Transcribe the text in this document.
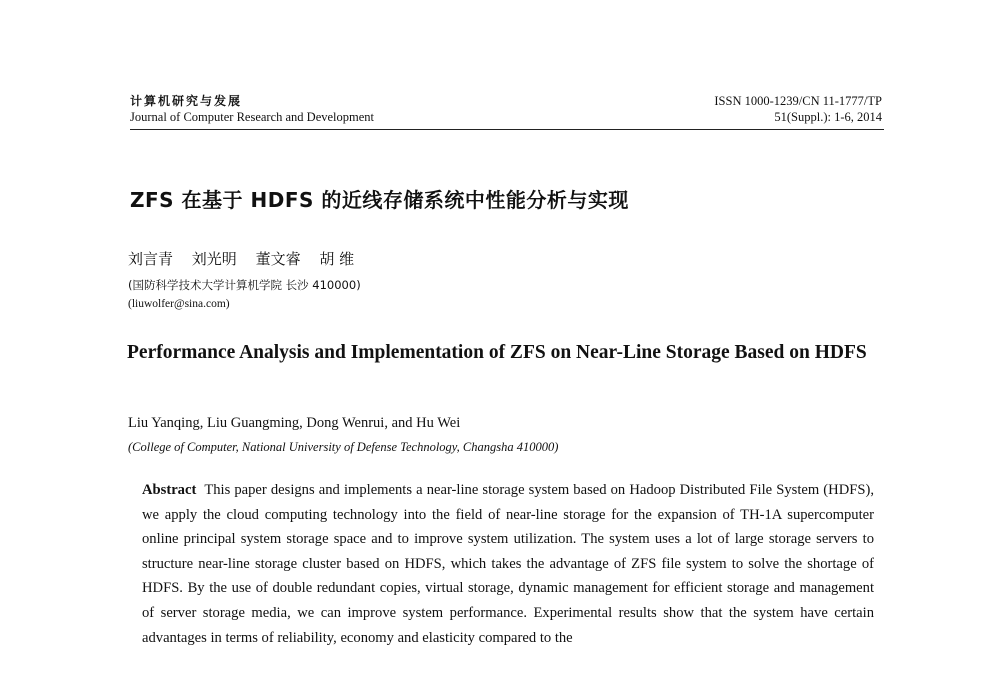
计算机研究与发展
Journal of Computer Research and Development
ISSN 1000-1239/CN 11-1777/TP
51(Suppl.): 1-6, 2014
ZFS 在基于 HDFS 的近线存储系统中性能分析与实现
刘言青 刘光明 董文睿 胡 维
(国防科学技术大学计算机学院 长沙 410000)
(liuwolfer@sina.com)
Performance Analysis and Implementation of ZFS on Near-Line Storage Based on HDFS
Liu Yanqing, Liu Guangming, Dong Wenrui, and Hu Wei
(College of Computer, National University of Defense Technology, Changsha 410000)
Abstract This paper designs and implements a near-line storage system based on Hadoop Distributed File System (HDFS), we apply the cloud computing technology into the field of near-line storage for the expansion of TH-1A supercomputer online principal system storage space and to improve system utilization. The system uses a lot of large storage servers to structure near-line storage cluster based on HDFS, which takes the advantage of ZFS file system to solve the shortage of HDFS. By the use of double redundant copies, virtual storage, dynamic management for efficient storage and management of server storage media, we can improve system performance. Experimental results show that the system have certain advantages in terms of reliability, economy and elasticity compared to the
